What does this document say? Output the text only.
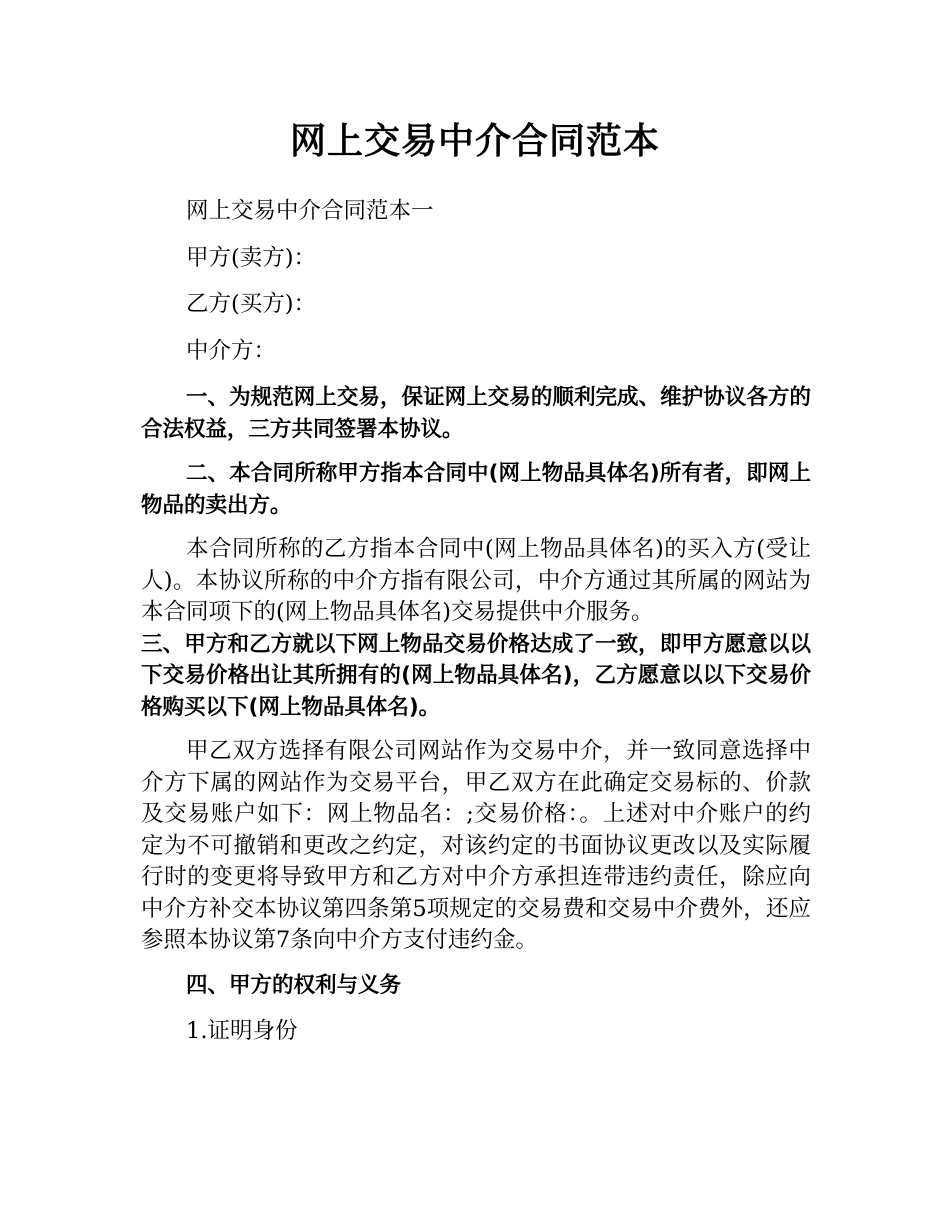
网上交易中介合同范本

网上交易中介合同范本一

甲方(卖方)：

乙方(买方)：

中介方：

一、为规范网上交易，保证网上交易的顺利完成、维护协议各方的合法权益，三方共同签署本协议。

二、本合同所称甲方指本合同中(网上物品具体名)所有者，即网上物品的卖出方。

本合同所称的乙方指本合同中(网上物品具体名)的买入方(受让人)。本协议所称的中介方指有限公司，中介方通过其所属的网站为本合同项下的(网上物品具体名)交易提供中介服务。

三、甲方和乙方就以下网上物品交易价格达成了一致，即甲方愿意以以下交易价格出让其所拥有的(网上物品具体名)，乙方愿意以以下交易价格购买以下(网上物品具体名)。

甲乙双方选择有限公司网站作为交易中介，并一致同意选择中介方下属的网站作为交易平台，甲乙双方在此确定交易标的、价款及交易账户如下：网上物品名：;交易价格：。上述对中介账户的约定为不可撤销和更改之约定，对该约定的书面协议更改以及实际履行时的变更将导致甲方和乙方对中介方承担连带违约责任，除应向中介方补交本协议第四条第5项规定的交易费和交易中介费外，还应参照本协议第7条向中介方支付违约金。

四、甲方的权利与义务

1.证明身份
